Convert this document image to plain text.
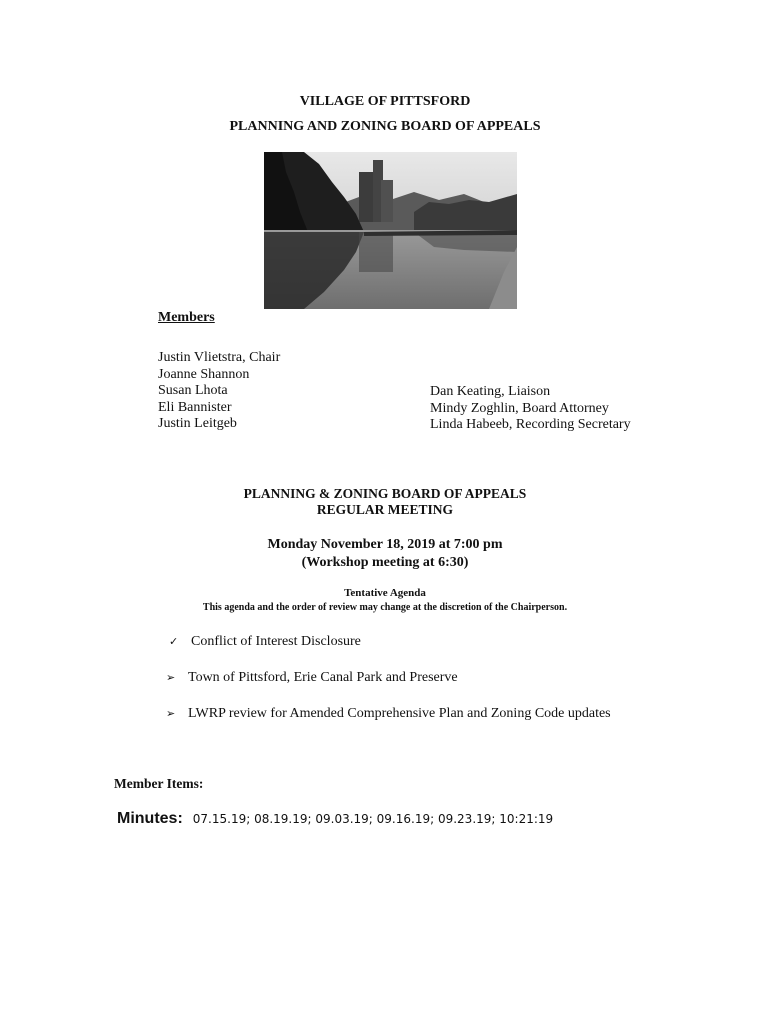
VILLAGE OF PITTSFORD
PLANNING AND ZONING BOARD OF APPEALS
Members
Justin Vlietstra, Chair
Joanne Shannon
Susan Lhota
Eli Bannister
Justin Leitgeb
Dan Keating, Liaison
Mindy Zoghlin, Board Attorney
Linda Habeeb, Recording Secretary
PLANNING & ZONING BOARD OF APPEALS
REGULAR MEETING
Monday November 18, 2019 at 7:00 pm
(Workshop meeting at 6:30)
Tentative Agenda
This agenda and the order of review may change at the discretion of the Chairperson.
✓ Conflict of Interest Disclosure
➢ Town of Pittsford, Erie Canal Park and Preserve
➢ LWRP review for Amended Comprehensive Plan and Zoning Code updates
Member Items:
Minutes: 07.15.19; 08.19.19; 09.03.19; 09.16.19; 09.23.19; 10:21:19
